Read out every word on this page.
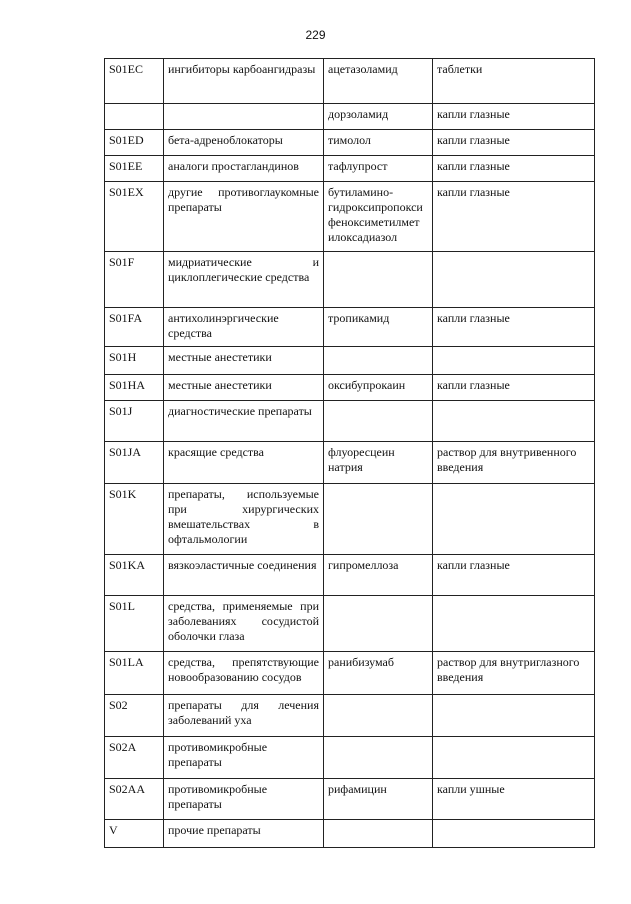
229
S01EC	ингибиторы карбоангидразы	ацетазоламид	таблетки
		дорзоламид	капли глазные
S01ED	бета-адреноблокаторы	тимолол	капли глазные
S01EE	аналоги простагландинов	тафлупрост	капли глазные
S01EX	другие противоглаукомные препараты	бутиламино-гидроксипропокси феноксиметилмет илоксадиазол	капли глазные
S01F	мидриатические и циклоплегические средства		
S01FA	антихолинэргические средства	тропикамид	капли глазные
S01H	местные анестетики		
S01HA	местные анестетики	оксибупрокаин	капли глазные
S01J	диагностические препараты		
S01JA	красящие средства	флуоресцеин натрия	раствор для внутривенного введения
S01K	препараты, используемые при хирургических вмешательствах в офтальмологии		
S01KA	вязкоэластичные соединения	гипромеллоза	капли глазные
S01L	средства, применяемые при заболеваниях сосудистой оболочки глаза		
S01LA	средства, препятствующие новообразованию сосудов	ранибизумаб	раствор для внутриглазного введения
S02	препараты для лечения заболеваний уха		
S02A	противомикробные препараты		
S02AA	противомикробные препараты	рифамицин	капли ушные
V	прочие препараты		
